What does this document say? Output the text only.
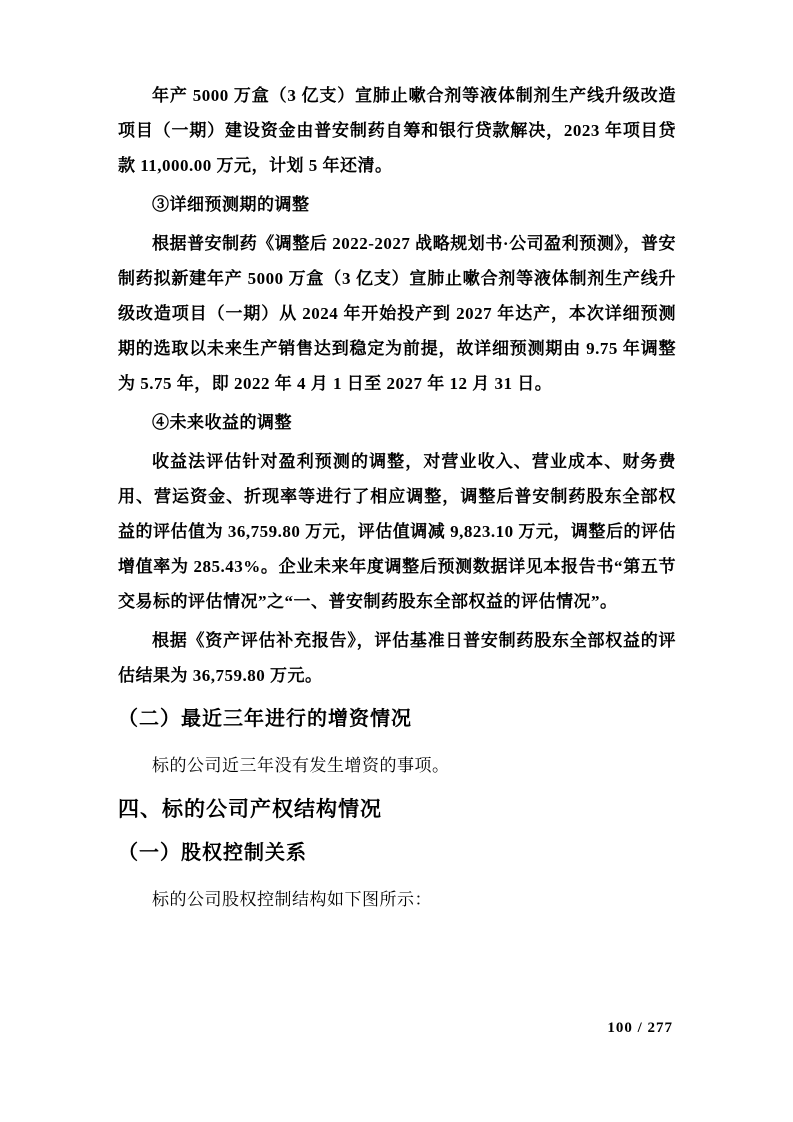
年产 5000 万盒（3 亿支）宣肺止嗽合剂等液体制剂生产线升级改造项目（一期）建设资金由普安制药自筹和银行贷款解决，2023 年项目贷款 11,000.00 万元，计划 5 年还清。

③详细预测期的调整

根据普安制药《调整后 2022-2027 战略规划书·公司盈利预测》，普安制药拟新建年产 5000 万盒（3 亿支）宣肺止嗽合剂等液体制剂生产线升级改造项目（一期）从 2024 年开始投产到 2027 年达产，本次详细预测期的选取以未来生产销售达到稳定为前提，故详细预测期由 9.75 年调整为 5.75 年，即 2022 年 4 月 1 日至 2027 年 12 月 31 日。

④未来收益的调整

收益法评估针对盈利预测的调整，对营业收入、营业成本、财务费用、营运资金、折现率等进行了相应调整，调整后普安制药股东全部权益的评估值为 36,759.80 万元，评估值调减 9,823.10 万元，调整后的评估增值率为 285.43%。企业未来年度调整后预测数据详见本报告书“第五节　交易标的评估情况”之“一、普安制药股东全部权益的评估情况”。

根据《资产评估补充报告》，评估基准日普安制药股东全部权益的评估结果为 36,759.80 万元。

（二）最近三年进行的增资情况

标的公司近三年没有发生增资的事项。

四、标的公司产权结构情况
（一）股权控制关系

标的公司股权控制结构如下图所示：

100 / 277
